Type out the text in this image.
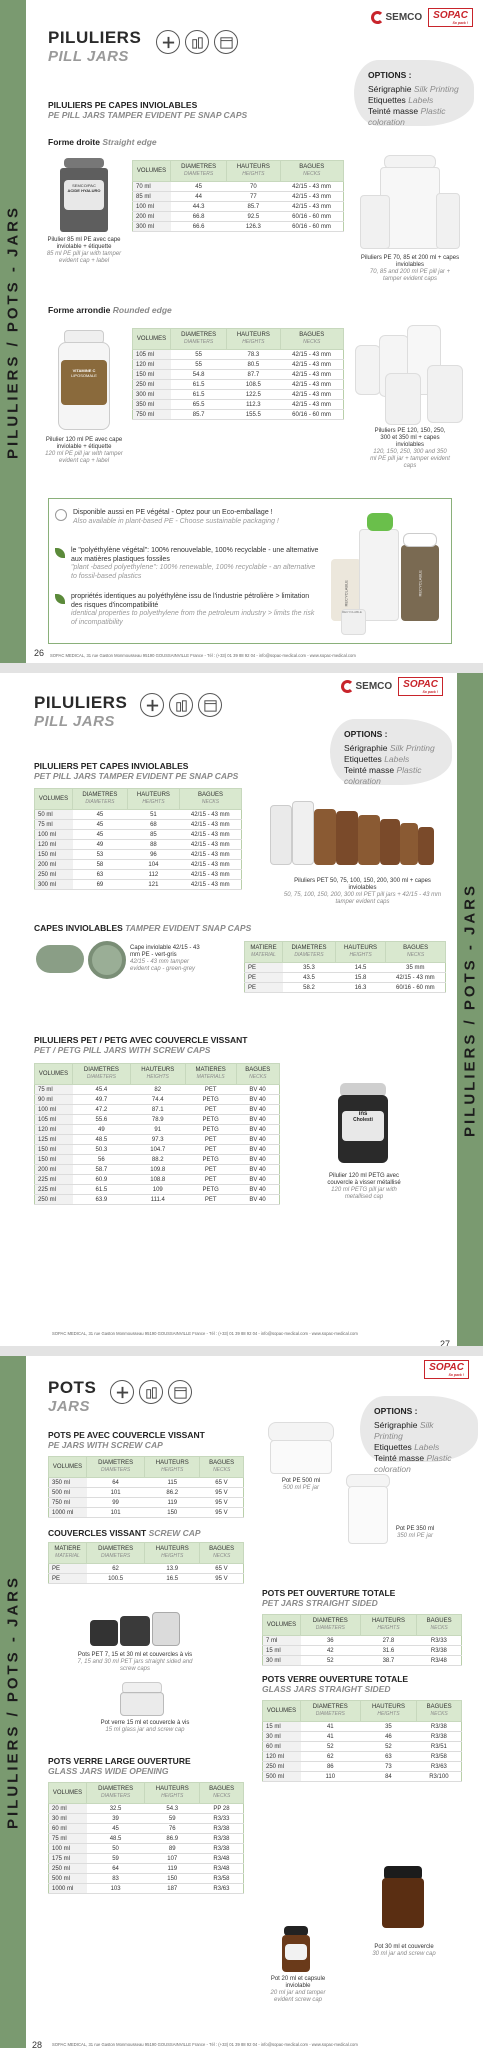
PILULIERS / POTS - JARS
PILULIERS
PILL JARS
SEMCO	SOPAC
So pack !
OPTIONS :
Sérigraphie Silk Printing
Etiquettes Labels
Teinté masse Plastic coloration
PILULIERS PE CAPES INVIOLABLES
PE PILL JARS TAMPER EVIDENT PE SNAP CAPS
Forme droite Straight edge
SEMCO/PAC
ACIDE HYALURO
Pilulier 85 ml PE avec cape inviolable + étiquette
85 ml PE pill jar with tamper evident cap + label
VOLUMES	DIAMETRES
DIAMETERS	HAUTEURS
HEIGHTS	BAGUES
NECKS

70 ml	45	70	42/15 - 43 mm
85 ml	44	77	42/15 - 43 mm
100 ml	44.3	85.7	42/15 - 43 mm
200 ml	66.8	92.5	60/16 - 60 mm
300 ml	66.6	126.3	60/16 - 60 mm
Piluliers PE 70, 85 et 200 ml + capes inviolables
70, 85 and 200 ml PE pill jar + tamper evident caps
Forme arrondie Rounded edge
VITAMINE C
LIPOSOMALE
Pilulier 120 ml PE avec cape inviolable + étiquette
120 ml PE pill jar with tamper evident cap + label
VOLUMES	DIAMETRES
DIAMETERS	HAUTEURS
HEIGHTS	BAGUES
NECKS

105 ml	55	78.3	42/15 - 43 mm
120 ml	55	80.5	42/15 - 43 mm
150 ml	54.8	87.7	42/15 - 43 mm
250 ml	61.5	108.5	42/15 - 43 mm
300 ml	61.5	122.5	42/15 - 43 mm
350 ml	65.5	112.3	42/15 - 43 mm
750 ml	85.7	155.5	60/16 - 60 mm
Piluliers PE 120, 150, 250, 300 et 350 ml + capes inviolables
120, 150, 250, 300 and 350 ml PE pill jar + tamper evident caps
Disponible aussi en PE végétal - Optez pour un Eco-emballage !
Also available in plant-based PE - Choose sustainable packaging !
le "polyéthylène végétal": 100% renouvelable, 100% recyclable - une alternative aux matières plastiques fossiles
"plant -based polyethylene": 100% renewable, 100% recyclable - an alternative to fossil-based plastics
propriétés identiques au polyéthylène issu de l'industrie pétrolière > limitation des risques d'incompatibilité
identical properties to polyethylene from the petroleum industry > limits the risk of incompatibility
RECYCLABLE	RECYCLABLE
RECYCLABLE
26 SOPAC MEDICAL, 31 rue Gaston Monmousseau 95190 GOUSSAINVILLE France - Tél : (+33) 01 39 88 92 04 - info@sopac-medical.com - www.sopac-medical.com
PILULIERS / POTS - JARS
PILULIERS
PILL JARS
SEMCO	SOPAC
So pack !
OPTIONS :
Sérigraphie Silk Printing
Etiquettes Labels
Teinté masse Plastic coloration
PILULIERS PET CAPES INVIOLABLES
PET PILL JARS TAMPER EVIDENT PE SNAP CAPS
VOLUMES	DIAMETRES
DIAMETERS	HAUTEURS
HEIGHTS	BAGUES
NECKS

50 ml	45	51	42/15 - 43 mm
75 ml	45	68	42/15 - 43 mm
100 ml	45	85	42/15 - 43 mm
120 ml	49	88	42/15 - 43 mm
150 ml	53	96	42/15 - 43 mm
200 ml	58	104	42/15 - 43 mm
250 ml	63	112	42/15 - 43 mm
300 ml	69	121	42/15 - 43 mm
Piluliers PET 50, 75, 100, 150, 200, 300 ml + capes inviolables
50, 75, 100, 150, 200, 300 ml PET pill jars + 42/15 - 43 mm tamper evident caps
CAPES INVIOLABLES TAMPER EVIDENT SNAP CAPS
Cape inviolable 42/15 - 43 mm PE - vert-gris
42/15 - 43 mm tamper evident cap - green-grey
MATIERE
MATERIAL	DIAMETRES
DIAMETERS	HAUTEURS
HEIGHTS	BAGUES
NECKS

PE	35.3	14.5	35 mm
PE	43.5	15.8	42/15 - 43 mm
PE	58.2	16.3	60/16 - 60 mm
PILULIERS PET / PETG AVEC COUVERCLE VISSANT
PET / PETG PILL JARS WITH SCREW CAPS
VOLUMES	DIAMETRES
DIAMETERS	HAUTEURS
HEIGHTS	MATIERES
MATERIALS	BAGUES
NECKS

75 ml	45.4	82	PET	BV 40
90 ml	49.7	74.4	PETG	BV 40
100 ml	47.2	87.1	PET	BV 40
105 ml	55.6	78.9	PETG	BV 40
120 ml	49	91	PETG	BV 40
125 ml	48.5	97.3	PET	BV 40
150 ml	50.3	104.7	PET	BV 40
150 ml	56	88.2	PETG	BV 40
200 ml	58.7	109.8	PET	BV 40
225 ml	60.9	108.8	PET	BV 40
225 ml	61.5	109	PETG	BV 40
250 ml	63.9	111.4	PET	BV 40
ins
Cholesti
Pilulier 120 ml PETG avec couvercle à visser métallisé
120 ml PETG pill jar with metallised cap
27
SOPAC MEDICAL, 31 rue Gaston Monmousseau 95190 GOUSSAINVILLE France - Tél : (+33) 01 39 88 92 04 - info@sopac-medical.com - www.sopac-medical.com
PILULIERS / POTS - JARS
POTS
JARS
SOPAC
So pack !
OPTIONS :
Sérigraphie Silk Printing
Etiquettes Labels
Teinté masse Plastic coloration
POTS PE AVEC COUVERCLE VISSANT
PE JARS WITH SCREW CAP
VOLUMES	DIAMETRES
DIAMETERS	HAUTEURS
HEIGHTS	BAGUES
NECKS

350 ml	64	115	65 V
500 ml	101	86.2	95 V
750 ml	99	119	95 V
1000 ml	101	150	95 V
Pot PE 500 ml
500 ml PE jar
Pot PE 350 ml
350 ml PE jar
COUVERCLES VISSANT SCREW CAP
MATIERE
MATERIAL	DIAMETRES
DIAMETERS	HAUTEURS
HEIGHTS	BAGUES
NECKS

PE	62	13.9	65 V
PE	100.5	16.5	95 V
Pots PET 7, 15 et 30 ml et couvercles à vis
7, 15 and 30 ml PET jars straight sided and screw caps
Pot verre 15 ml et couvercle à vis
15 ml glass jar and screw cap
POTS PET OUVERTURE TOTALE
PET JARS STRAIGHT SIDED
VOLUMES	DIAMETRES
DIAMETERS	HAUTEURS
HEIGHTS	BAGUES
NECKS

7 ml	36	27.8	R3/33
15 ml	42	31.6	R3/38
30 ml	52	38.7	R3/48
POTS VERRE OUVERTURE TOTALE
GLASS JARS STRAIGHT SIDED
VOLUMES	DIAMETRES
DIAMETERS	HAUTEURS
HEIGHTS	BAGUES
NECKS

15 ml	41	35	R3/38
30 ml	41	46	R3/38
60 ml	52	52	R3/51
120 ml	62	63	R3/58
250 ml	86	73	R3/63
500 ml	110	84	R3/100
POTS VERRE LARGE OUVERTURE
GLASS JARS WIDE OPENING
VOLUMES	DIAMETRES
DIAMETERS	HAUTEURS
HEIGHTS	BAGUES
NECKS

20 ml	32.5	54.3	PP 28
30 ml	39	59	R3/33
60 ml	45	76	R3/38
75 ml	48.5	86.9	R3/38
100 ml	50	89	R3/38
175 ml	59	107	R3/48
250 ml	64	119	R3/48
500 ml	83	150	R3/58
1000 ml	103	187	R3/63
Pot 20 ml et capsule inviolable
20 ml jar and tamper evident screw cap
Pot 30 ml et couvercle
30 ml jar and screw cap
28 SOPAC MEDICAL, 31 rue Gaston Monmousseau 95190 GOUSSAINVILLE France - Tél : (+33) 01 39 88 92 04 - info@sopac-medical.com - www.sopac-medical.com
